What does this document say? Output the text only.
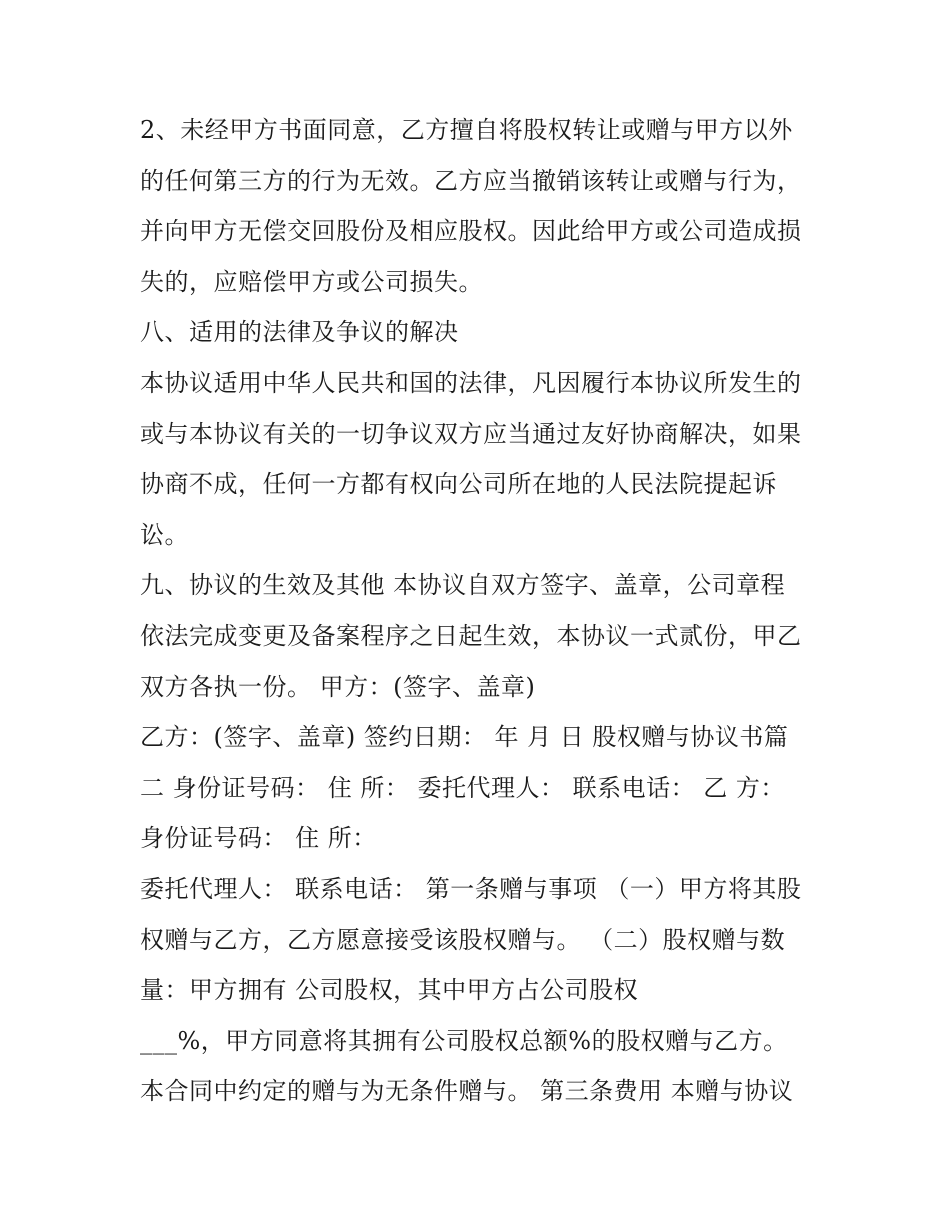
2、未经甲方书面同意，乙方擅自将股权转让或赠与甲方以外
的任何第三方的行为无效。乙方应当撤销该转让或赠与行为，
并向甲方无偿交回股份及相应股权。因此给甲方或公司造成损
失的，应赔偿甲方或公司损失。
八、适用的法律及争议的解决
本协议适用中华人民共和国的法律，凡因履行本协议所发生的
或与本协议有关的一切争议双方应当通过友好协商解决，如果
协商不成，任何一方都有权向公司所在地的人民法院提起诉
讼。
九、协议的生效及其他 本协议自双方签字、盖章，公司章程
依法完成变更及备案程序之日起生效，本协议一式贰份，甲乙
双方各执一份。 甲方：(签字、盖章)
乙方：(签字、盖章) 签约日期： 年 月 日 股权赠与协议书篇
二 身份证号码： 住 所： 委托代理人： 联系电话： 乙 方：
身份证号码： 住 所：
委托代理人： 联系电话： 第一条赠与事项 （一）甲方将其股
权赠与乙方，乙方愿意接受该股权赠与。 （二）股权赠与数
量：甲方拥有 公司股权，其中甲方占公司股权
___%，甲方同意将其拥有公司股权总额%的股权赠与乙方。
本合同中约定的赠与为无条件赠与。 第三条费用 本赠与协议
